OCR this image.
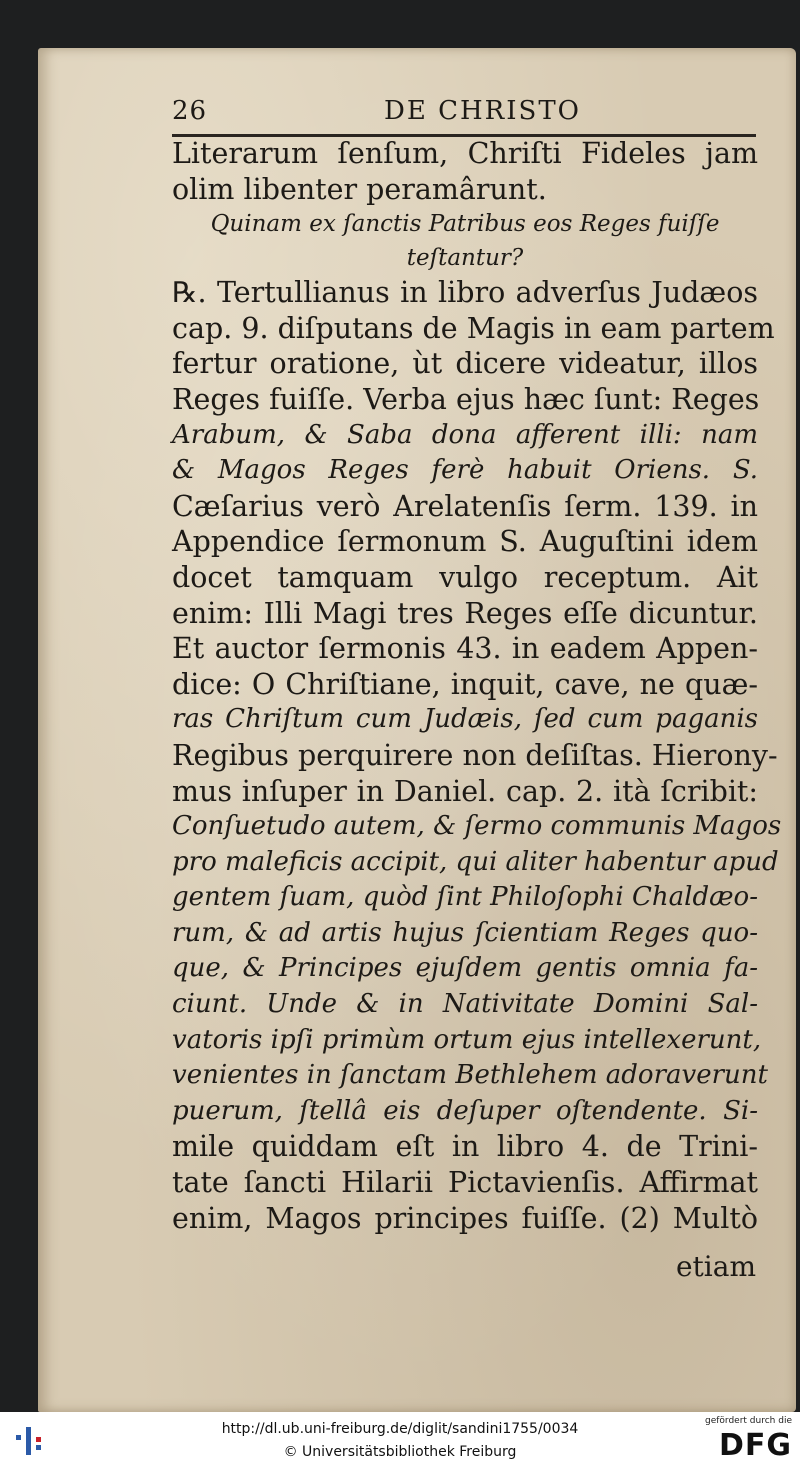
26	DE CHRISTO
Literarum ſenſum, Chriſti Fideles jam
olim libenter peramârunt.
Quinam ex ſanctis Patribus eos Reges fuiſſe
teſtantur?
℞. Tertullianus in libro adverſus Judæos
cap. 9. diſputans de Magis in eam partem
fertur oratione, ùt dicere videatur, illos
Reges fuiſſe. Verba ejus hæc ſunt: Reges
Arabum, & Saba dona afferent illi: nam
& Magos Reges ferè habuit Oriens. S.
Cæſarius verò Arelatenſis ſerm. 139. in
Appendice ſermonum S. Auguſtini idem
docet tamquam vulgo receptum. Ait
enim: Illi Magi tres Reges eſſe dicuntur.
Et auctor ſermonis 43. in eadem Appen-
dice: O Chriſtiane, inquit, cave, ne quæ-
ras Chriſtum cum Judæis, ſed cum paganis
Regibus perquirere non deſiſtas. Hierony-
mus inſuper in Daniel. cap. 2. ità ſcribit:
Conſuetudo autem, & ſermo communis Magos
pro maleficis accipit, qui aliter habentur apud
gentem ſuam, quòd ſint Philoſophi Chaldæo-
rum, & ad artis hujus ſcientiam Reges quo-
que, & Principes ejuſdem gentis omnia fa-
ciunt. Unde & in Nativitate Domini Sal-
vatoris ipſi primùm ortum ejus intellexerunt,
venientes in ſanctam Bethlehem adoraverunt
puerum, ſtellâ eis deſuper oſtendente. Si-
mile quiddam eſt in libro 4. de Trini-
tate ſancti Hilarii Pictavienſis. Affirmat
enim, Magos principes fuiſſe. (2) Multò
etiam
http://dl.ub.uni-freiburg.de/diglit/sandini1755/0034
© Universitätsbibliothek Freiburg
gefördert durch die
DFG
